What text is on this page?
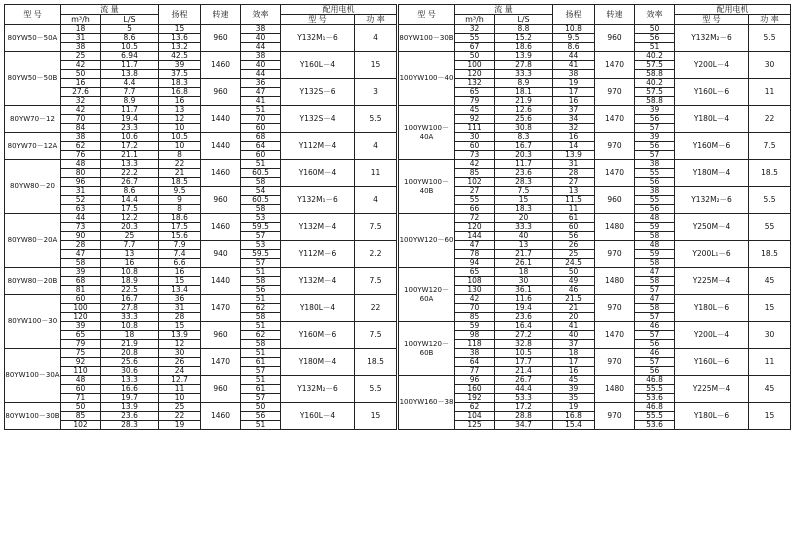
型 号	流 量		扬程	转速	效率	配用电机	
	m³/h	L/S				型 号	功 率
80YW50－50A	18	5	15	960	38	Y132M₁－6	4
	31	8.6	13.6		40		
	38	10.5	13.2		44		
80YW50－50B	25	6.94	42.5	1460	38	Y160L－4	15
	42	11.7	39		40		
	50	13.8	37.5		44		
	16	4.4	18.3	960	36	Y132S－6	3
	27.6	7.7	16.8		47		
	32	8.9	16		41		
80YW70－12	42	11.7	13	1440	51	Y132S－4	5.5
	70	19.4	12		70		
	84	23.3	10		60		
80YW70－12A	38	10.6	10.5	1440	68	Y112M－4	4
	62	17.2	10		64		
	76	21.1	8		60		
80YW80－20	48	13.3	22	1460	51	Y160M－4	11
	80	22.2	21		60.5		
	96	26.7	18.5		58		
	31	8.6	9.5	960	54	Y132M₁－6	4
	52	14.4	9		60.5		
	63	17.5	8		58		
80YW80－20A	44	12.2	18.6	1460	53	Y132M－4	7.5
	73	20.3	17.5		59.5		
	90	25	15.6		57		
	28	7.7	7.9	940	53	Y112M－6	2.2
	47	13	7.4		59.5		
	58	16	6.6		57		
80YW80－20B	39	10.8	16	1440	51	Y132M－4	7.5
	68	18.9	15		58		
	81	22.5	13.4		56		
80YW100－30	60	16.7	36	1470	51	Y180L－4	22
	100	27.8	31		62		
	120	33.3	28		58		
	39	10.8	15	960	51	Y160M－6	7.5
	65	18	13.9		62		
	79	21.9	12		58		
80YW100－30A	75	20.8	30	1470	51	Y180M－4	18.5
	92	25.6	26		61		
	110	30.6	24		57		
	48	13.3	12.7	960	51	Y132M₂－6	5.5
	60	16.6	11		61		
	71	19.7	10		57		
80YW100－30B	50	13.9	25	1460	50	Y160L－4	15
	85	23.6	22		56		
	102	28.3	19		51		
型 号	流 量		扬程	转速	效率	配用电机	
	m³/h	L/S				型 号	功 率
80YW100－30B	32	8.8	10.8	960	50	Y132M₂－6	5.5
	55	15.2	9.5		56		
	67	18.6	8.6		51		
100YW100－40	50	13.9	44	1470	40.2	Y200L－4	30
	100	27.8	41		57.5		
	120	33.3	38		58.8		
	132	8.9	19	970	40.2	Y160L－6	11
	65	18.1	17		57.5		
	79	21.9	16		58.8		
100YW100－40A	45	12.6	37	1470	39	Y180L－4	22
	92	25.6	34		56		
	111	30.8	32		57		
	30	8.3	16	970	39	Y160M－6	7.5
	60	16.7	14		56		
	73	20.3	13.9		57		
100YW100－40B	42	11.7	31	1470	38	Y180M－4	18.5
	85	23.6	28		55		
	102	28.3	27		56		
	27	7.5	13	960	38	Y132M₂－6	5.5
	55	15	11.5		55		
	66	18.3	11		56		
100YW120－60	72	20	61	1480	48	Y250M－4	55
	120	33.3	60		59		
	144	40	56		58		
	47	13	26	970	48	Y200L₁－6	18.5
	78	21.7	25		59		
	94	26.1	24.5		58		
100YW120－60A	65	18	50	1480	47	Y225M－4	45
	108	30	49		58		
	130	36.1	46		57		
	42	11.6	21.5	970	47	Y180L－6	15
	70	19.4	21		58		
	85	23.6	20		57		
100YW120－60B	59	16.4	41	1470	46	Y200L－4	30
	98	27.2	40		57		
	118	32.8	37		56		
	38	10.5	18	970	46	Y160L－6	11
	64	17.7	17		57		
	77	21.4	16		56		
100YW160－38	96	26.7	45	1480	46.8	Y225M－4	45
	160	44.4	39		55.5		
	192	53.3	35		53.6		
	62	17.2	19	970	46.8	Y180L－6	15
	104	28.8	16.8		55.5		
	125	34.7	15.4		53.6		
